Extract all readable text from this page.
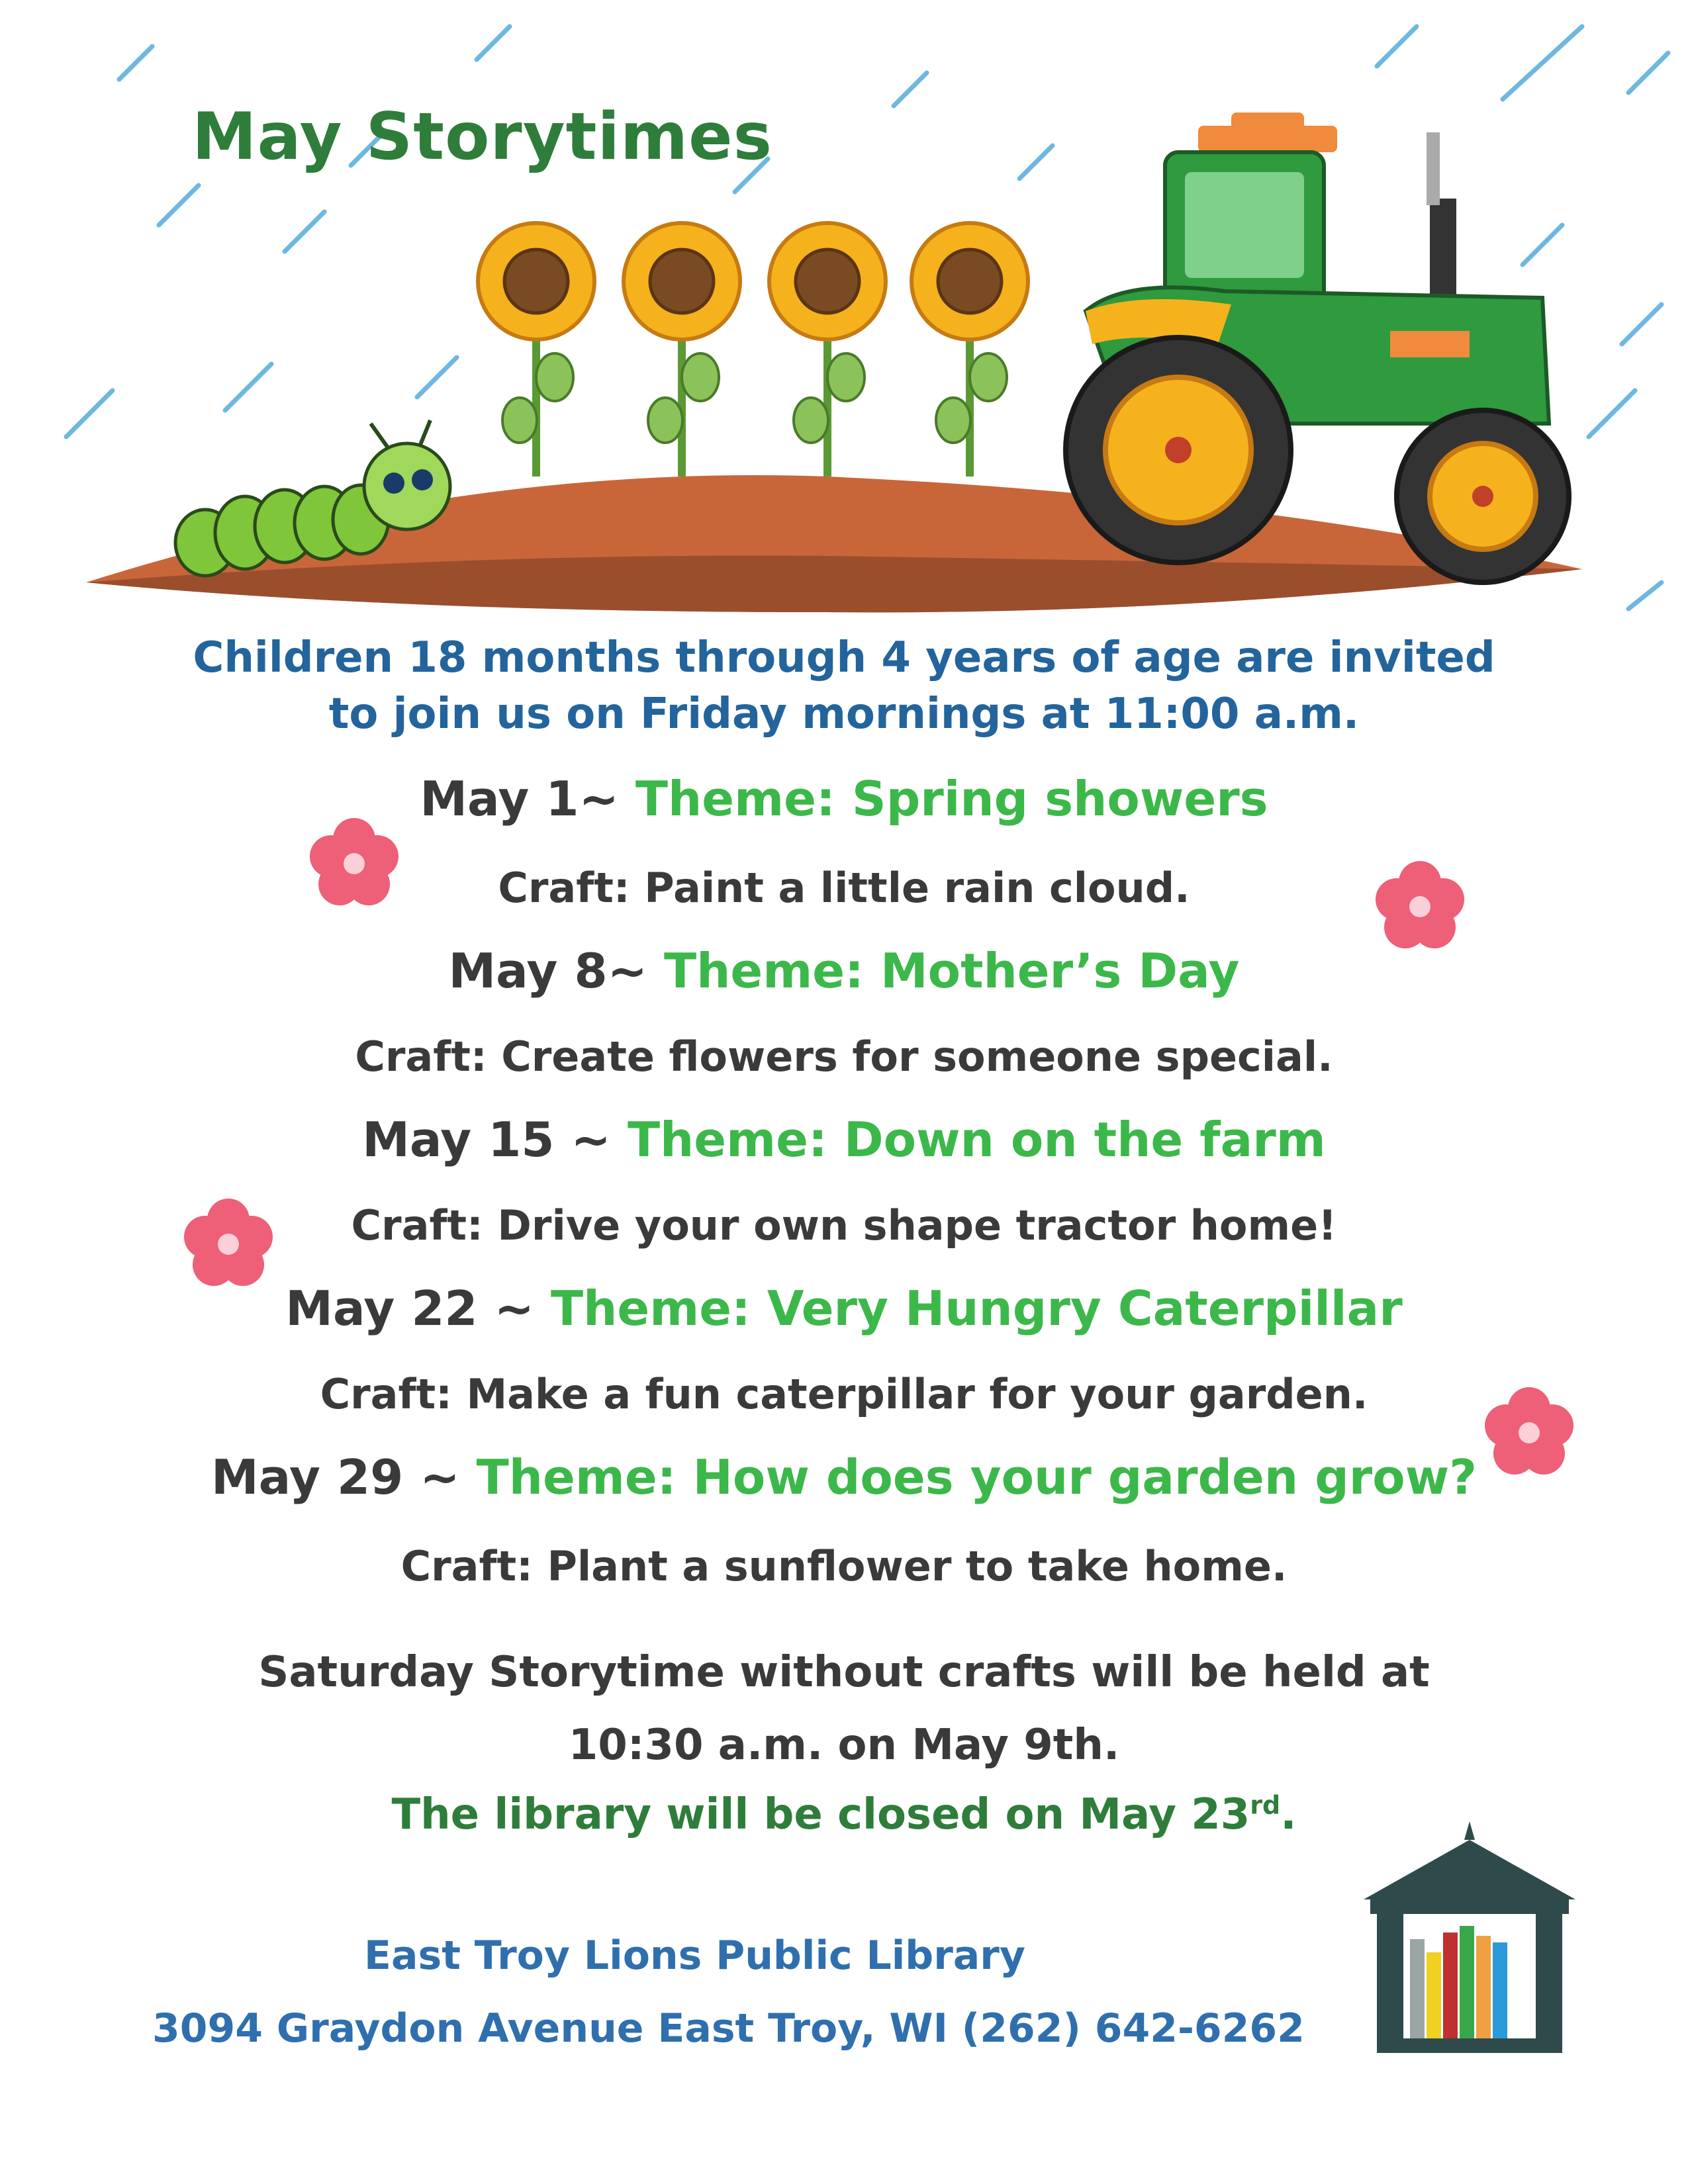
May Storytimes
Children 18 months through 4 years of age are invited
to join us on Friday mornings at 11:00 a.m.
May 1~ Theme: Spring showers
Craft: Paint a little rain cloud.
May 8~ Theme: Mother’s Day
Craft: Create flowers for someone special.
May 15 ~ Theme: Down on the farm
Craft: Drive your own shape tractor home!
May 22 ~ Theme: Very Hungry Caterpillar
Craft: Make a fun caterpillar for your garden.
May 29 ~ Theme: How does your garden grow?
Craft: Plant a sunflower to take home.
Saturday Storytime without crafts will be held at
10:30 a.m. on May 9th.
The library will be closed on May 23rd.
East Troy Lions Public Library
3094 Graydon Avenue East Troy, WI (262) 642-6262
